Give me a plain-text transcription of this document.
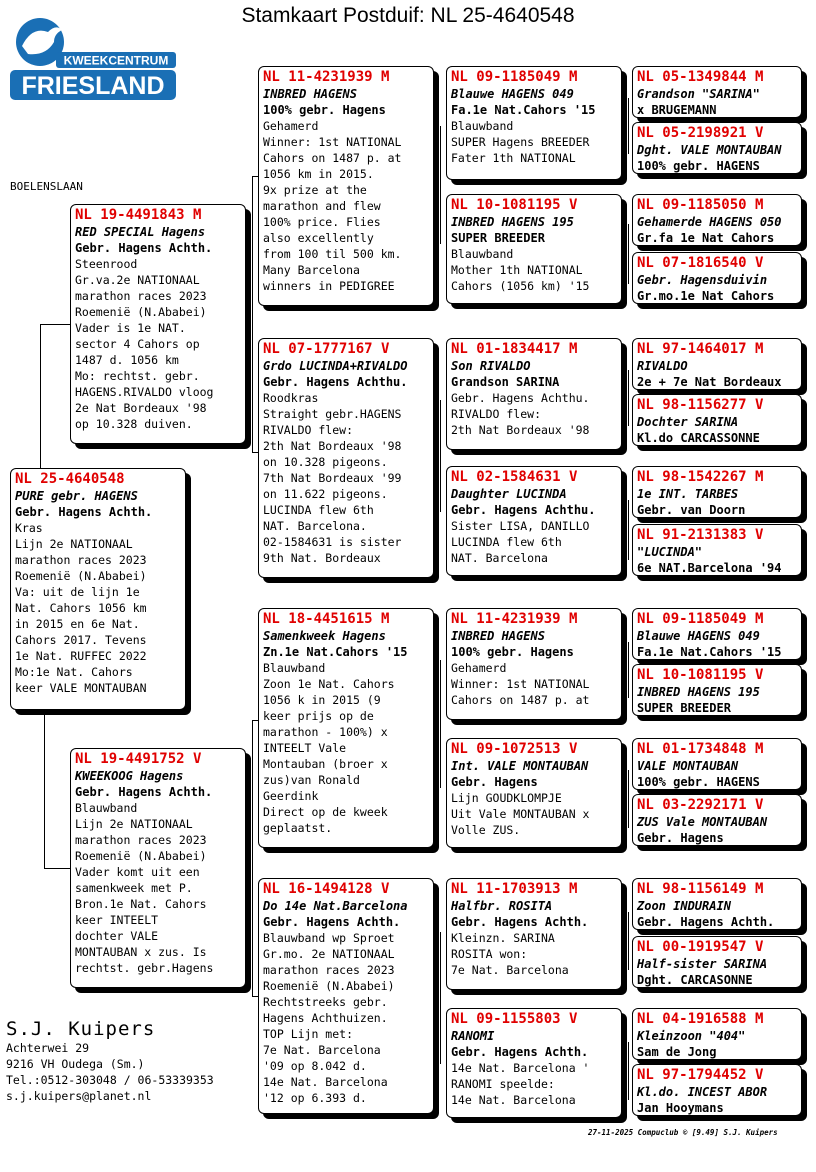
Stamkaart Postduif: NL 25-4640548
KWEEKCENTRUM
FRIESLAND
BOELENSLAAN
NL 25-4640548
PURE gebr. HAGENS
Gebr. Hagens Achth.
Kras
Lijn 2e NATIONAAL
marathon races 2023
Roemenië (N.Ababei)
Va: uit de lijn 1e
Nat. Cahors 1056 km
in 2015 en 6e Nat.
Cahors 2017. Tevens
1e Nat. RUFFEC 2022
Mo:1e Nat. Cahors
keer VALE MONTAUBAN
NL 19-4491843 M
RED SPECIAL Hagens
Gebr. Hagens Achth.
Steenrood
Gr.va.2e NATIONAAL
marathon races 2023
Roemenië (N.Ababei)
Vader is 1e NAT.
sector 4 Cahors op
1487 d. 1056 km
Mo: rechtst. gebr.
HAGENS.RIVALDO vloog
2e Nat Bordeaux '98
op 10.328 duiven.
NL 19-4491752 V
KWEEKOOG Hagens
Gebr. Hagens Achth.
Blauwband
Lijn 2e NATIONAAL
marathon races 2023
Roemenië (N.Ababei)
Vader komt uit een
samenkweek met P.
Bron.1e Nat. Cahors
keer INTEELT
dochter VALE
MONTAUBAN x zus. Is
rechtst. gebr.Hagens
NL 11-4231939 M
INBRED HAGENS
100% gebr. Hagens
Gehamerd
Winner: 1st NATIONAL
Cahors on 1487 p. at
1056 km in 2015.
9x prize at the
marathon and flew
100% price. Flies
also excellently
from 100 til 500 km.
Many Barcelona
winners in PEDIGREE
NL 07-1777167 V
Grdo LUCINDA+RIVALDO
Gebr. Hagens Achthu.
Roodkras
Straight gebr.HAGENS
RIVALDO flew:
2th Nat Bordeaux '98
on 10.328 pigeons.
7th Nat Bordeaux '99
on 11.622 pigeons.
LUCINDA flew 6th
NAT. Barcelona.
02-1584631 is sister
9th Nat. Bordeaux
NL 18-4451615 M
Samenkweek Hagens
Zn.1e Nat.Cahors '15
Blauwband
Zoon 1e Nat. Cahors
1056 k in 2015 (9
keer prijs op de
marathon - 100%) x
INTEELT Vale
Montauban (broer x
zus)van Ronald
Geerdink
Direct op de kweek
geplaatst.
NL 16-1494128 V
Do 14e Nat.Barcelona
Gebr. Hagens Achth.
Blauwband wp Sproet
Gr.mo. 2e NATIONAAL
marathon races 2023
Roemenië (N.Ababei)
Rechtstreeks gebr.
Hagens Achthuizen.
TOP Lijn met:
7e Nat. Barcelona
'09 op 8.042 d.
14e Nat. Barcelona
'12 op 6.393 d.
NL 09-1185049 M
Blauwe HAGENS 049
Fa.1e Nat.Cahors '15
Blauwband
SUPER Hagens BREEDER
Fater 1th NATIONAL
NL 10-1081195 V
INBRED HAGENS 195
SUPER BREEDER
Blauwband
Mother 1th NATIONAL
Cahors (1056 km) '15
NL 01-1834417 M
Son RIVALDO
Grandson SARINA
Gebr. Hagens Achthu.
RIVALDO flew:
2th Nat Bordeaux '98
NL 02-1584631 V
Daughter LUCINDA
Gebr. Hagens Achthu.
Sister LISA, DANILLO
LUCINDA flew 6th
NAT. Barcelona
NL 11-4231939 M
INBRED HAGENS
100% gebr. Hagens
Gehamerd
Winner: 1st NATIONAL
Cahors on 1487 p. at
NL 09-1072513 V
Int. VALE MONTAUBAN
Gebr. Hagens
Lijn GOUDKLOMPJE
Uit Vale MONTAUBAN x
Volle ZUS.
NL 11-1703913 M
Halfbr. ROSITA
Gebr. Hagens Achth.
Kleinzn. SARINA
ROSITA won:
7e Nat. Barcelona
NL 09-1155803 V
RANOMI
Gebr. Hagens Achth.
14e Nat. Barcelona '
RANOMI speelde:
14e Nat. Barcelona
NL 05-1349844 M
Grandson "SARINA"
x BRUGEMANN
NL 05-2198921 V
Dght. VALE MONTAUBAN
100% gebr. HAGENS
NL 09-1185050 M
Gehamerde HAGENS 050
Gr.fa 1e Nat Cahors
NL 07-1816540 V
Gebr. Hagensduivin
Gr.mo.1e Nat Cahors
NL 97-1464017 M
RIVALDO
2e + 7e Nat Bordeaux
NL 98-1156277 V
Dochter SARINA
Kl.do CARCASSONNE
NL 98-1542267 M
1e INT. TARBES
Gebr. van Doorn
NL 91-2131383 V
"LUCINDA"
6e NAT.Barcelona '94
NL 09-1185049 M
Blauwe HAGENS 049
Fa.1e Nat.Cahors '15
NL 10-1081195 V
INBRED HAGENS 195
SUPER BREEDER
NL 01-1734848 M
VALE MONTAUBAN
100% gebr. HAGENS
NL 03-2292171 V
ZUS Vale MONTAUBAN
Gebr. Hagens
NL 98-1156149 M
Zoon INDURAIN
Gebr. Hagens Achth.
NL 00-1919547 V
Half-sister SARINA
Dght. CARCASONNE
NL 04-1916588 M
Kleinzoon "404"
Sam de Jong
NL 97-1794452 V
Kl.do. INCEST ABOR
Jan Hooymans
S.J. Kuipers
Achterwei 29
9216 VH Oudega (Sm.)
Tel.:0512-303048 / 06-53339353
s.j.kuipers@planet.nl
27-11-2025 Compuclub © [9.49] S.J. Kuipers
